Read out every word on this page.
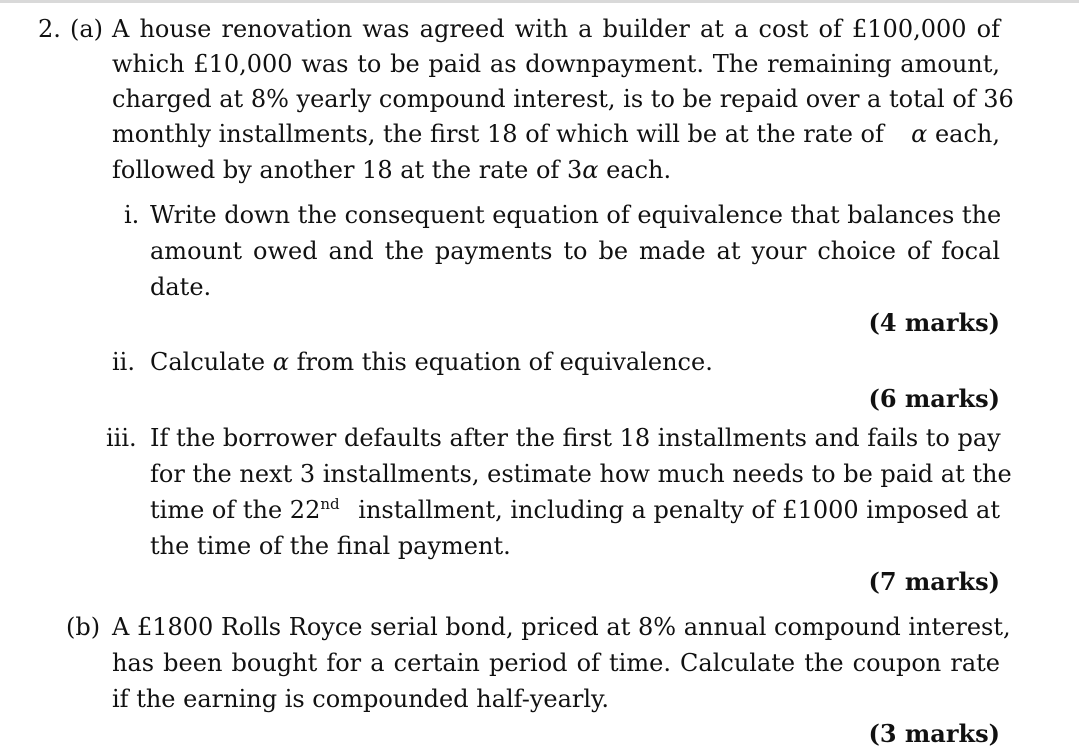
2. (a) A house renovation was agreed with a builder at a cost of £100,000 of
which £10,000 was to be paid as downpayment. The remaining amount,
charged at 8% yearly compound interest, is to be repaid over a total of 36
monthly installments, the first 18 of which will be at the rate of
α
each,
followed by another 18 at the rate of 3α each.
i. Write down the consequent equation of equivalence that balances the
amount owed and the payments to be made at your choice of focal
date.
(4 marks)
ii. Calculate α from this equation of equivalence.
(6 marks)
iii. If the borrower defaults after the first 18 installments and fails to pay
for the next 3 installments, estimate how much needs to be paid at the
time of the 22nd installment, including a penalty of £1000 imposed at
the time of the final payment.
(7 marks)
(b) A £1800 Rolls Royce serial bond, priced at 8% annual compound interest,
has been bought for a certain period of time. Calculate the coupon rate
if the earning is compounded half-yearly.
(3 marks)
